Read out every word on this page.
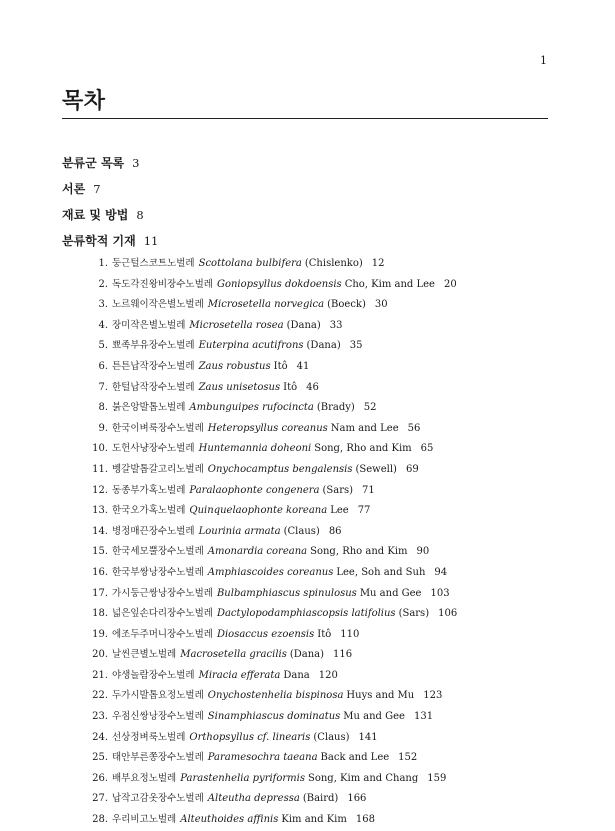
1
목차
분류군 목록 3
서론 7
재료 및 방법 8
분류학적 기재 11
1. 둥근털스코트노벌레 Scottolana bulbifera (Chislenko) 12
2. 독도각진왕비장수노벌레 Goniopsyllus dokdoensis Cho, Kim and Lee 20
3. 노르웨이작은별노벌레 Microsetella norvegica (Boeck) 30
4. 장미작은별노벌레 Microsetella rosea (Dana) 33
5. 뾰족부유장수노벌레 Euterpina acutifrons (Dana) 35
6. 튼튼납작장수노벌레 Zaus robustus Itô 41
7. 한털납작장수노벌레 Zaus unisetosus Itô 46
8. 붉은앙발톱노벌레 Ambunguipes rufocincta (Brady) 52
9. 한국이벼룩장수노벌레 Heteropsyllus coreanus Nam and Lee 56
10. 도헌사냥장수노벌레 Huntemannia doheoni Song, Rho and Kim 65
11. 벵갈발톱갈고리노벌레 Onychocamptus bengalensis (Sewell) 69
12. 동종부가혹노벌레 Paralaophonte congenera (Sars) 71
13. 한국오가혹노벌레 Quinquelaophonte koreana Lee 77
14. 병정매끈장수노벌레 Lourinia armata (Claus) 86
15. 한국세모뿔장수노벌레 Amonardia coreana Song, Rho and Kim 90
16. 한국부쌍낭장수노벌레 Amphiascoides coreanus Lee, Soh and Suh 94
17. 가시둥근쌍낭장수노벌레 Bulbamphiascus spinulosus Mu and Gee 103
18. 넓은잎손다리장수노벌레 Dactylopodamphiascopsis latifolius (Sars) 106
19. 에조두주머니장수노벌레 Diosaccus ezoensis Itô 110
20. 날씬큰별노벌레 Macrosetella gracilis (Dana) 116
21. 야생놀람장수노벌레 Miracia efferata Dana 120
22. 두가시발톱요정노벌레 Onychostenhelia bispinosa Huys and Mu 123
23. 우점신쌍낭장수노벌레 Sinamphiascus dominatus Mu and Gee 131
24. 선상정벼룩노벌레 Orthopsyllus cf. linearis (Claus) 141
25. 태안부른쫑장수노벌레 Paramesochra taeana Back and Lee 152
26. 배부요정노벌레 Parastenhelia pyriformis Song, Kim and Chang 159
27. 납작고감옷장수노벌레 Alteutha depressa (Baird) 166
28. 우리비고노벌레 Alteuthoides affinis Kim and Kim 168
